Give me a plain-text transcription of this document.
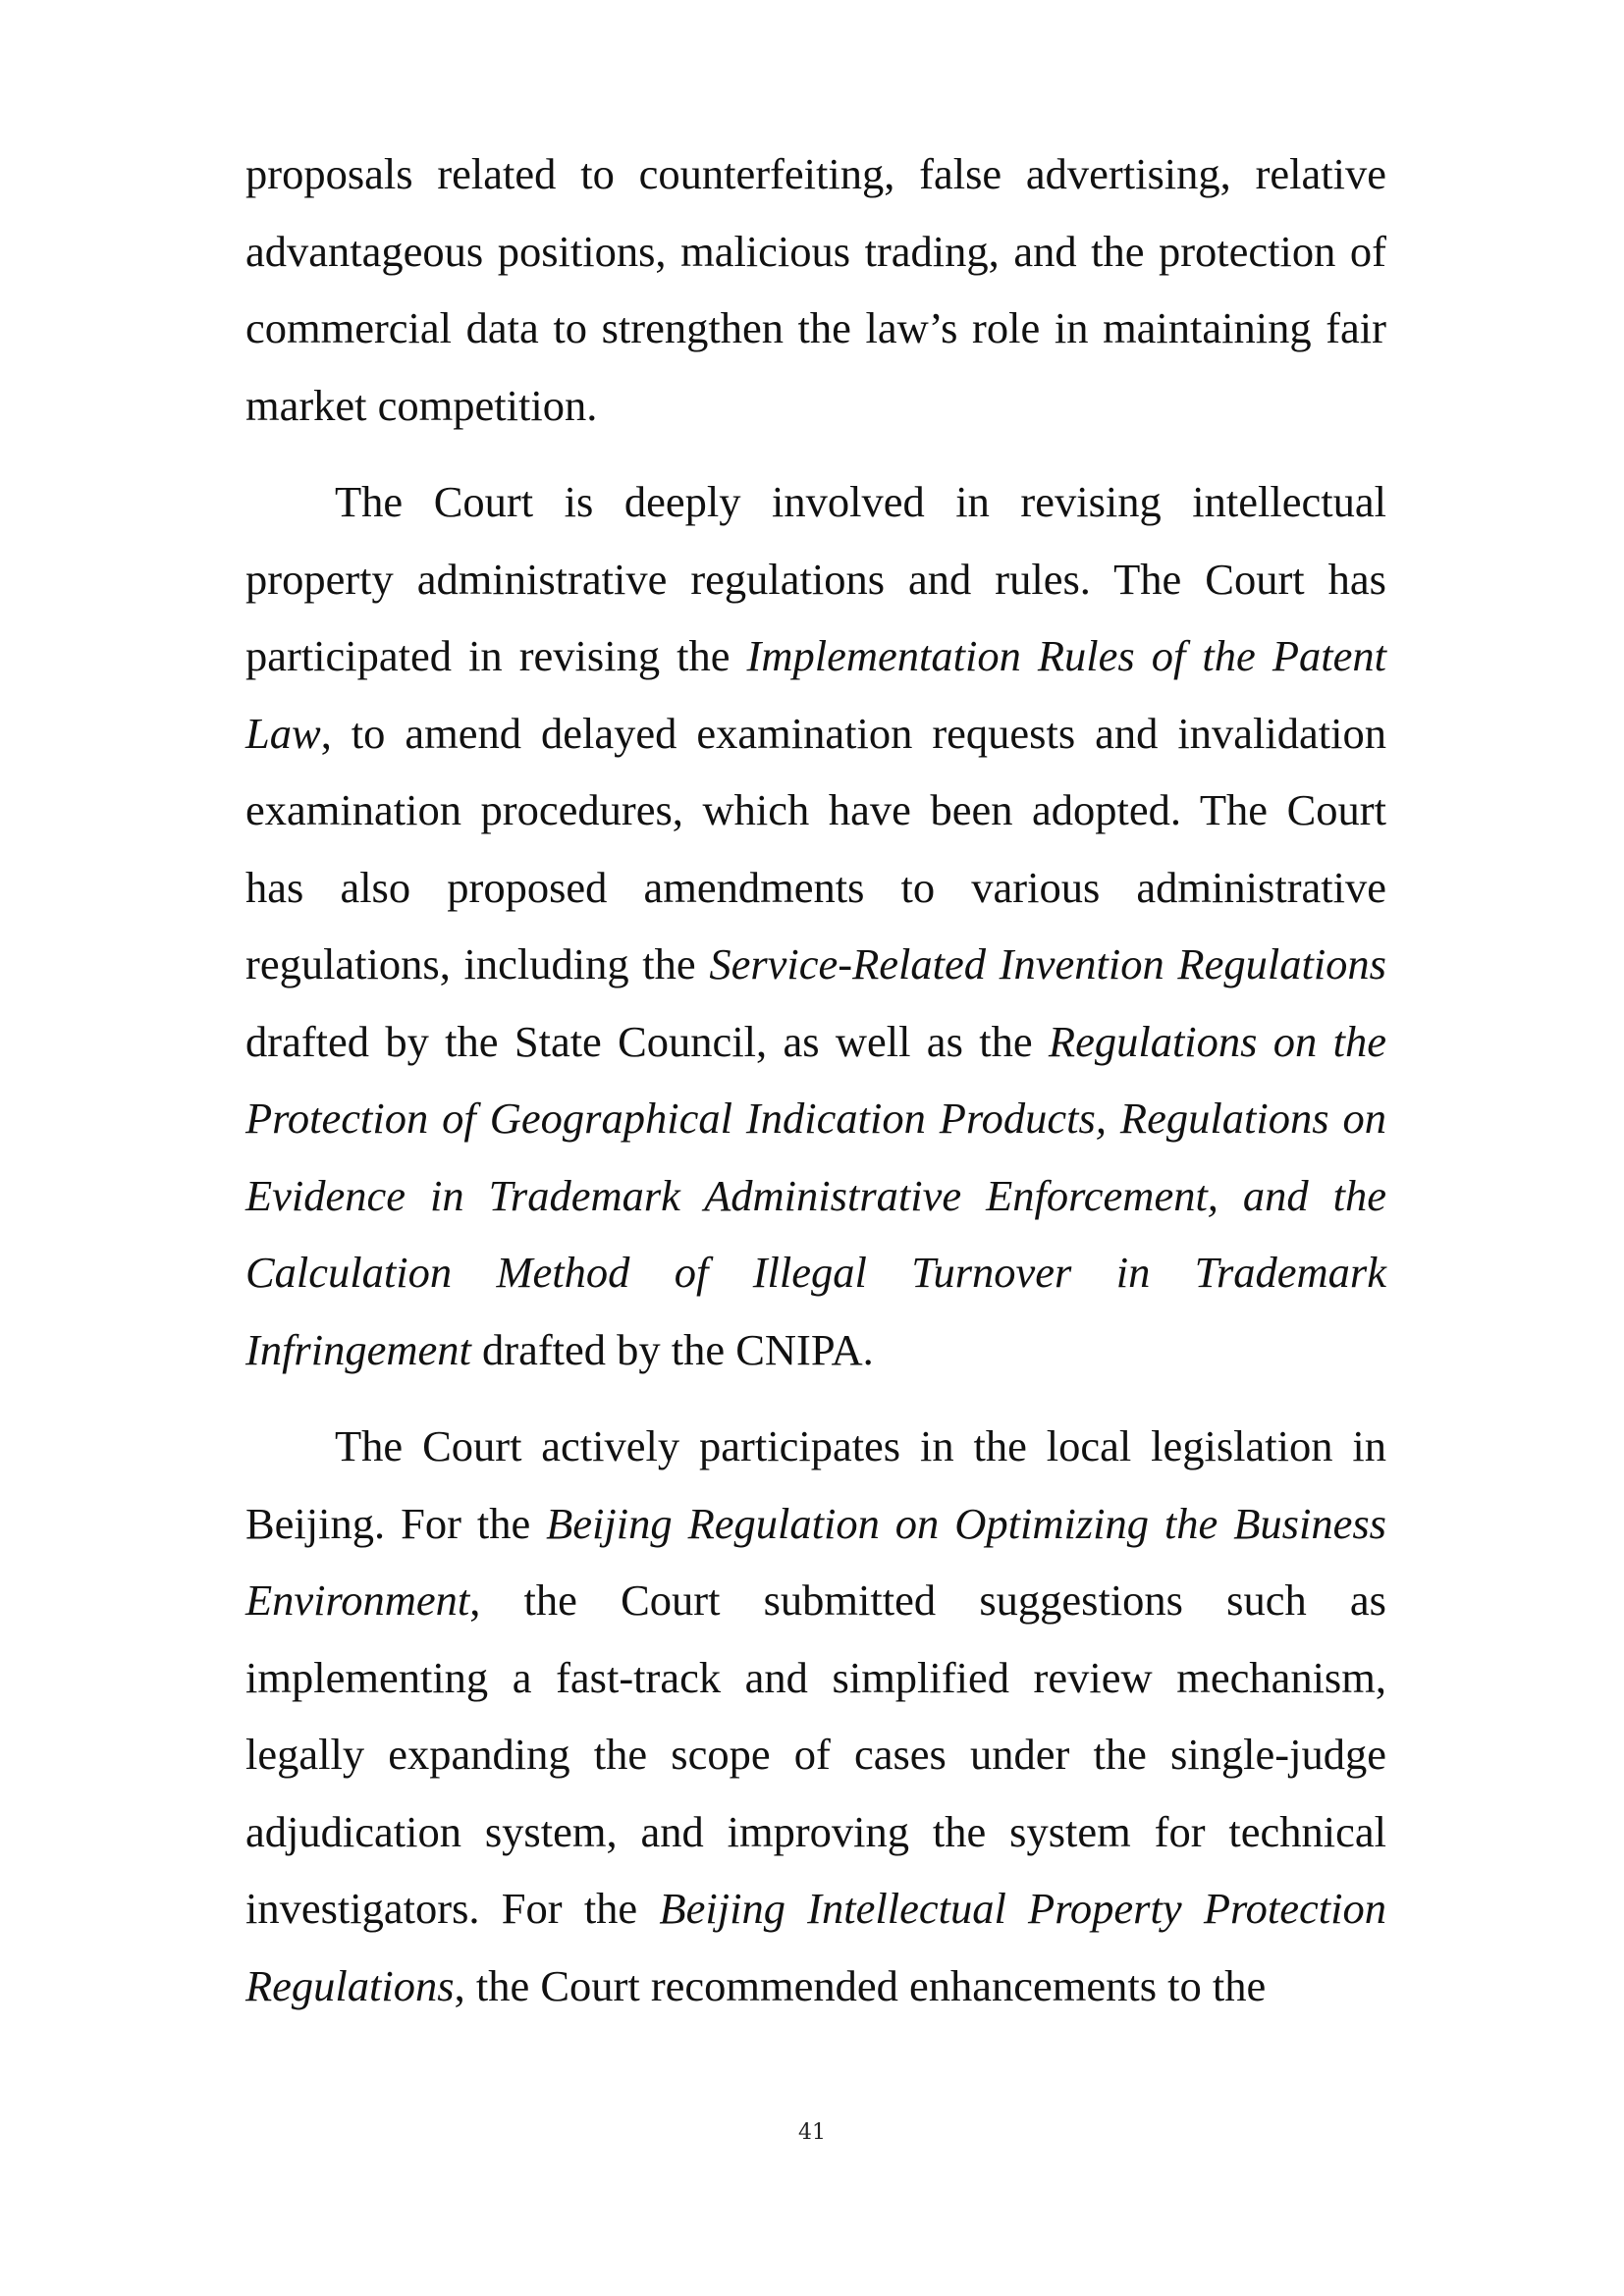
proposals related to counterfeiting, false advertising, relative advantageous positions, malicious trading, and the protection of commercial data to strengthen the law’s role in maintaining fair market competition.

The Court is deeply involved in revising intellectual property administrative regulations and rules. The Court has participated in revising the Implementation Rules of the Patent Law, to amend delayed examination requests and invalidation examination procedures, which have been adopted. The Court has also proposed amendments to various administrative regulations, including the Service-Related Invention Regulations drafted by the State Council, as well as the Regulations on the Protection of Geographical Indication Products, Regulations on Evidence in Trademark Administrative Enforcement, and the Calculation Method of Illegal Turnover in Trademark Infringement drafted by the CNIPA.

The Court actively participates in the local legislation in Beijing. For the Beijing Regulation on Optimizing the Business Environment, the Court submitted suggestions such as implementing a fast-track and simplified review mechanism, legally expanding the scope of cases under the single-judge adjudication system, and improving the system for technical investigators. For the Beijing Intellectual Property Protection Regulations, the Court recommended enhancements to the

41
